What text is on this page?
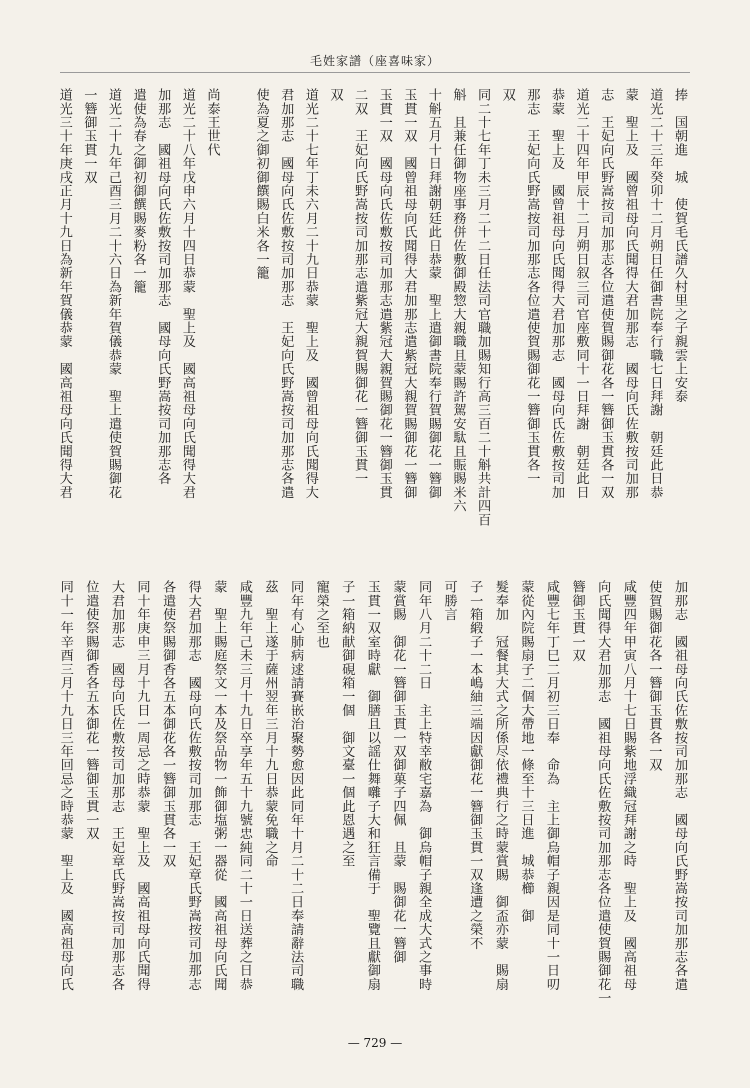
毛姓家譜（座喜味家）
捧　国朝進　城　使賀毛氏譜久村里之子親雲上安泰
道光二十三年癸卯十二月朔日任御書院奉行職七日拜謝　朝廷此日恭
蒙　聖上及　國曾祖母向氏聞得大君加那志　國母向氏佐敷按司加那
志　王妃向氏野嵩按司加那志各位遣使賀賜御花各一簪御玉貫各一双
道光二十四年甲辰十二月朔日叙三司官座敷同十一日拜謝　朝廷此日
恭蒙　聖上及　國曾祖母向氏聞得大君加那志　國母向氏佐敷按司加
那志　王妃向氏野嵩按司加那志各位遣使賀賜御花一簪御玉貫各一
双
同二十七年丁未三月二十二日任法司官職加賜知行高三百二十斛共計四百
斛　且兼任御物座事務併佐敷御殿惣大親職且蒙賜許駕安駄且賑賜米六
十斛五月十日拜謝朝廷此日恭蒙　聖上遣御書院奉行賀賜御花一簪御
玉貫一双　國曾祖母向氏聞得大君加那志遣紫冠大親賀賜御花一簪御
玉貫一双　國母向氏佐敷按司加那志遣紫冠大親賀賜御花一簪御玉貫
二双　王妃向氏野嵩按司加那志遣紫冠大親賀賜御花一簪御玉貫一
双
道光二十七年丁未六月二十九日恭蒙　聖上及　國曾祖母向氏聞得大
君加那志　國母向氏佐敷按司加那志　王妃向氏野嵩按司加那志各遣
使為夏之御初御饌賜白米各一籠
尚泰王世代
道光二十八年戊申六月十四日恭蒙　聖上及　國高祖母向氏聞得大君
加那志　國祖母向氏佐敷按司加那志　國母向氏野嵩按司加那志各
遣使為春之御初御饌賜麥粉各一籠
道光二十九年己酉三月二十六日為新年賀儀恭蒙　聖上遣使賀賜御花
一簪御玉貫一双
道光三十年庚戌正月十九日為新年賀儀恭蒙　國高祖母向氏聞得大君
加那志　國祖母向氏佐敷按司加那志　國母向氏野嵩按司加那志各遣
使賀賜御花各一簪御玉貫各一双
咸豐四年甲寅八月十七日賜紫地浮織冠拜謝之時　聖上及　國高祖母
向氏聞得大君加那志　國祖母向氏佐敷按司加那志各位遣使賀賜御花一
簪御玉貫一双
咸豐七年丁巳二月初三日奉　命為　主上御烏帽子親因是同十一日叨
蒙從內院賜扇子二個大帶地一條至十三日進　城恭櫛　御
髮奉加　冠餐其大式之所係尽依禮典行之時蒙賞賜　御盃亦蒙　賜扇
子一箱緞子一本嶋紬三端因獻御花一簪御玉貫一双逢遭之榮不
可勝言
同年八月二十二日　主上特幸敝宅嘉為　御烏帽子親全成大式之事時
蒙賞賜　御花一簪御玉貫一双御菓子四佩　且蒙　賜御花一簪御
玉貫一双室時獻　御膳且以謡仕舞囃子大和狂言備于　聖覽且獻御扇
子一箱納献御硯箱一個　御文臺一個此恩遇之至
寵榮之至也
同年有心肺病逑請賽嵌治聚勢愈因此同年十月二十二日奉請辭法司職
茲　聖上遂于薩州翌年三月十九日恭蒙免職之命
咸豐九年己未三月十九日卒享年五十九號忠純同二十一日送葬之日恭
蒙　聖上賜庭祭文一本及祭品物一飾御塩粥一器從　國高祖母向氏聞
得大君加那志　國母向氏佐敷按司加那志　王妃章氏野嵩按司加那志
各遣使祭賜御香各五本御花各一簪御玉貫各一双
同十年庚申三月十九日一周忌之時恭蒙　聖上及　國高祖母向氏聞得
大君加那志　國母向氏佐敷按司加那志　王妃章氏野嵩按司加那志各
位遣使祭賜御香各五本御花一簪御玉貫一双
同十一年辛酉三月十九日三年回忌之時恭蒙　聖上及　國高祖母向氏
— 729 —
